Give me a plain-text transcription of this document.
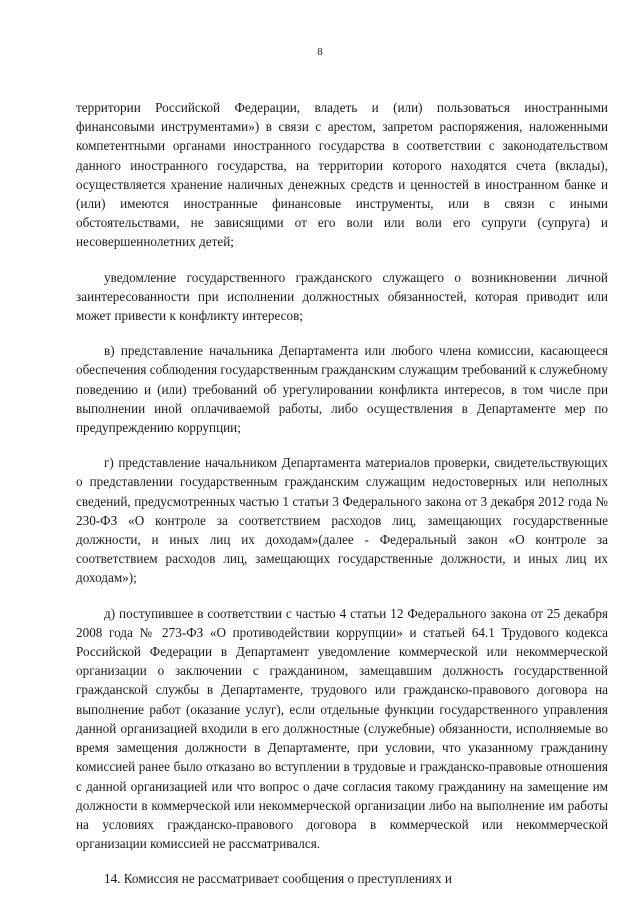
8

территории Российской Федерации, владеть и (или) пользоваться иностранными финансовыми инструментами») в связи с арестом, запретом распоряжения, наложенными компетентными органами иностранного государства в соответствии с законодательством данного иностранного государства, на территории которого находятся счета (вклады), осуществляется хранение наличных денежных средств и ценностей в иностранном банке и (или) имеются иностранные финансовые инструменты, или в связи с иными обстоятельствами, не зависящими от его воли или воли его супруги (супруга) и несовершеннолетних детей;

уведомление государственного гражданского служащего о возникновении личной заинтересованности при исполнении должностных обязанностей, которая приводит или может привести к конфликту интересов;

в) представление начальника Департамента или любого члена комиссии, касающееся обеспечения соблюдения государственным гражданским служащим требований к служебному поведению и (или) требований об урегулировании конфликта интересов, в том числе при выполнении иной оплачиваемой работы, либо осуществления в Департаменте мер по предупреждению коррупции;

г) представление начальником Департамента материалов проверки, свидетельствующих о представлении государственным гражданским служащим недостоверных или неполных сведений, предусмотренных частью 1 статьи 3 Федерального закона от 3 декабря 2012 года № 230-ФЗ «О контроле за соответствием расходов лиц, замещающих государственные должности, и иных лиц их доходам»(далее - Федеральный закон «О контроле за соответствием расходов лиц, замещающих государственные должности, и иных лиц их доходам»);

д) поступившее в соответствии с частью 4 статьи 12 Федерального закона от 25 декабря 2008 года № 273-ФЗ «О противодействии коррупции» и статьей 64.1 Трудового кодекса Российской Федерации в Департамент уведомление коммерческой или некоммерческой организации о заключении с гражданином, замещавшим должность государственной гражданской службы в Департаменте, трудового или гражданско-правового договора на выполнение работ (оказание услуг), если отдельные функции государственного управления данной организацией входили в его должностные (служебные) обязанности, исполняемые во время замещения должности в Департаменте, при условии, что указанному гражданину комиссией ранее было отказано во вступлении в трудовые и гражданско-правовые отношения с данной организацией или что вопрос о даче согласия такому гражданину на замещение им должности в коммерческой или некоммерческой организации либо на выполнение им работы на условиях гражданско-правового договора в коммерческой или некоммерческой организации комиссией не рассматривался.

14. Комиссия не рассматривает сообщения о преступлениях и
